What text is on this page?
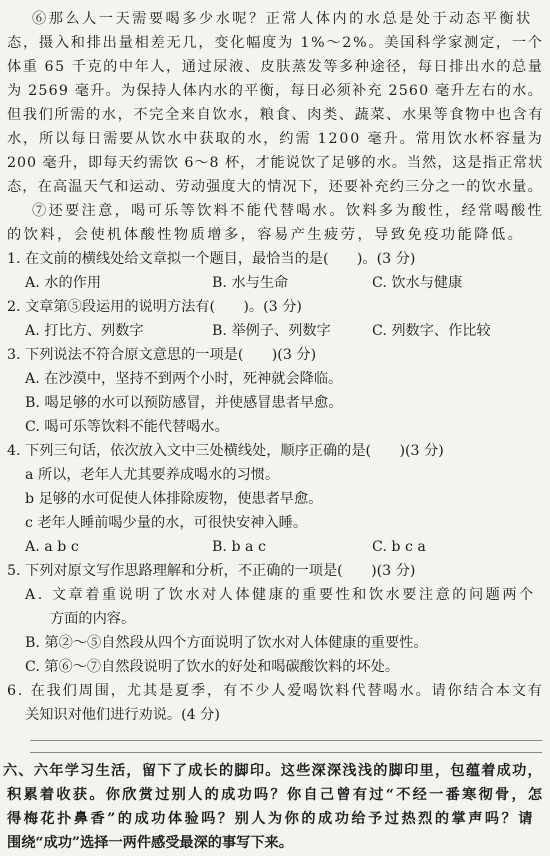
⑥那么人一天需要喝多少水呢？正常人体内的水总是处于动态平衡状
态，摄入和排出量相差无几，变化幅度为 1%～2%。美国科学家测定，一个
体重 65 千克的中年人，通过尿液、皮肤蒸发等多种途径，每日排出水的总量
为 2569 毫升。为保持人体内水的平衡，每日必须补充 2560 毫升左右的水。
但我们所需的水，不完全来自饮水，粮食、肉类、蔬菜、水果等食物中也含有
水，所以每日需要从饮水中获取的水，约需 1200 毫升。常用饮水杯容量为
200 毫升，即每天约需饮 6～8 杯，才能说饮了足够的水。当然，这是指正常状
态，在高温天气和运动、劳动强度大的情况下，还要补充约三分之一的饮水量。
⑦还要注意，喝可乐等饮料不能代替喝水。饮料多为酸性，经常喝酸性
的饮料，会使机体酸性物质增多，容易产生疲劳，导致免疫功能降低。
1. 在文前的横线处给文章拟一个题目，最恰当的是(　　)。(3 分)
A. 水的作用	B. 水与生命	C. 饮水与健康
2. 文章第⑤段运用的说明方法有(　　)。(3 分)
A. 打比方、列数字	B. 举例子、列数字	C. 列数字、作比较
3. 下列说法不符合原文意思的一项是(　　)(3 分)
A. 在沙漠中，坚持不到两个小时，死神就会降临。
B. 喝足够的水可以预防感冒，并使感冒患者早愈。
C. 喝可乐等饮料不能代替喝水。
4. 下列三句话，依次放入文中三处横线处，顺序正确的是(　　)(3 分)
a 所以，老年人尤其要养成喝水的习惯。
b 足够的水可促使人体排除废物，使患者早愈。
c 老年人睡前喝少量的水，可很快安神入睡。
A. a b c	B. b a c	C. b c a
5. 下列对原文写作思路理解和分析，不正确的一项是(　　)(3 分)
A. 文章着重说明了饮水对人体健康的重要性和饮水要注意的问题两个
方面的内容。
B. 第②～⑤自然段从四个方面说明了饮水对人体健康的重要性。
C. 第⑥～⑦自然段说明了饮水的好处和喝碳酸饮料的坏处。
6. 在我们周围，尤其是夏季，有不少人爱喝饮料代替喝水。请你结合本文有
关知识对他们进行劝说。(4 分)
六、六年学习生活，留下了成长的脚印。这些深深浅浅的脚印里，包蕴着成功，
积累着收获。你欣赏过别人的成功吗？你自己曾有过“不经一番寒彻骨，怎
得梅花扑鼻香”的成功体验吗？别人为你的成功给予过热烈的掌声吗？请
围绕“成功”选择一两件感受最深的事写下来。
